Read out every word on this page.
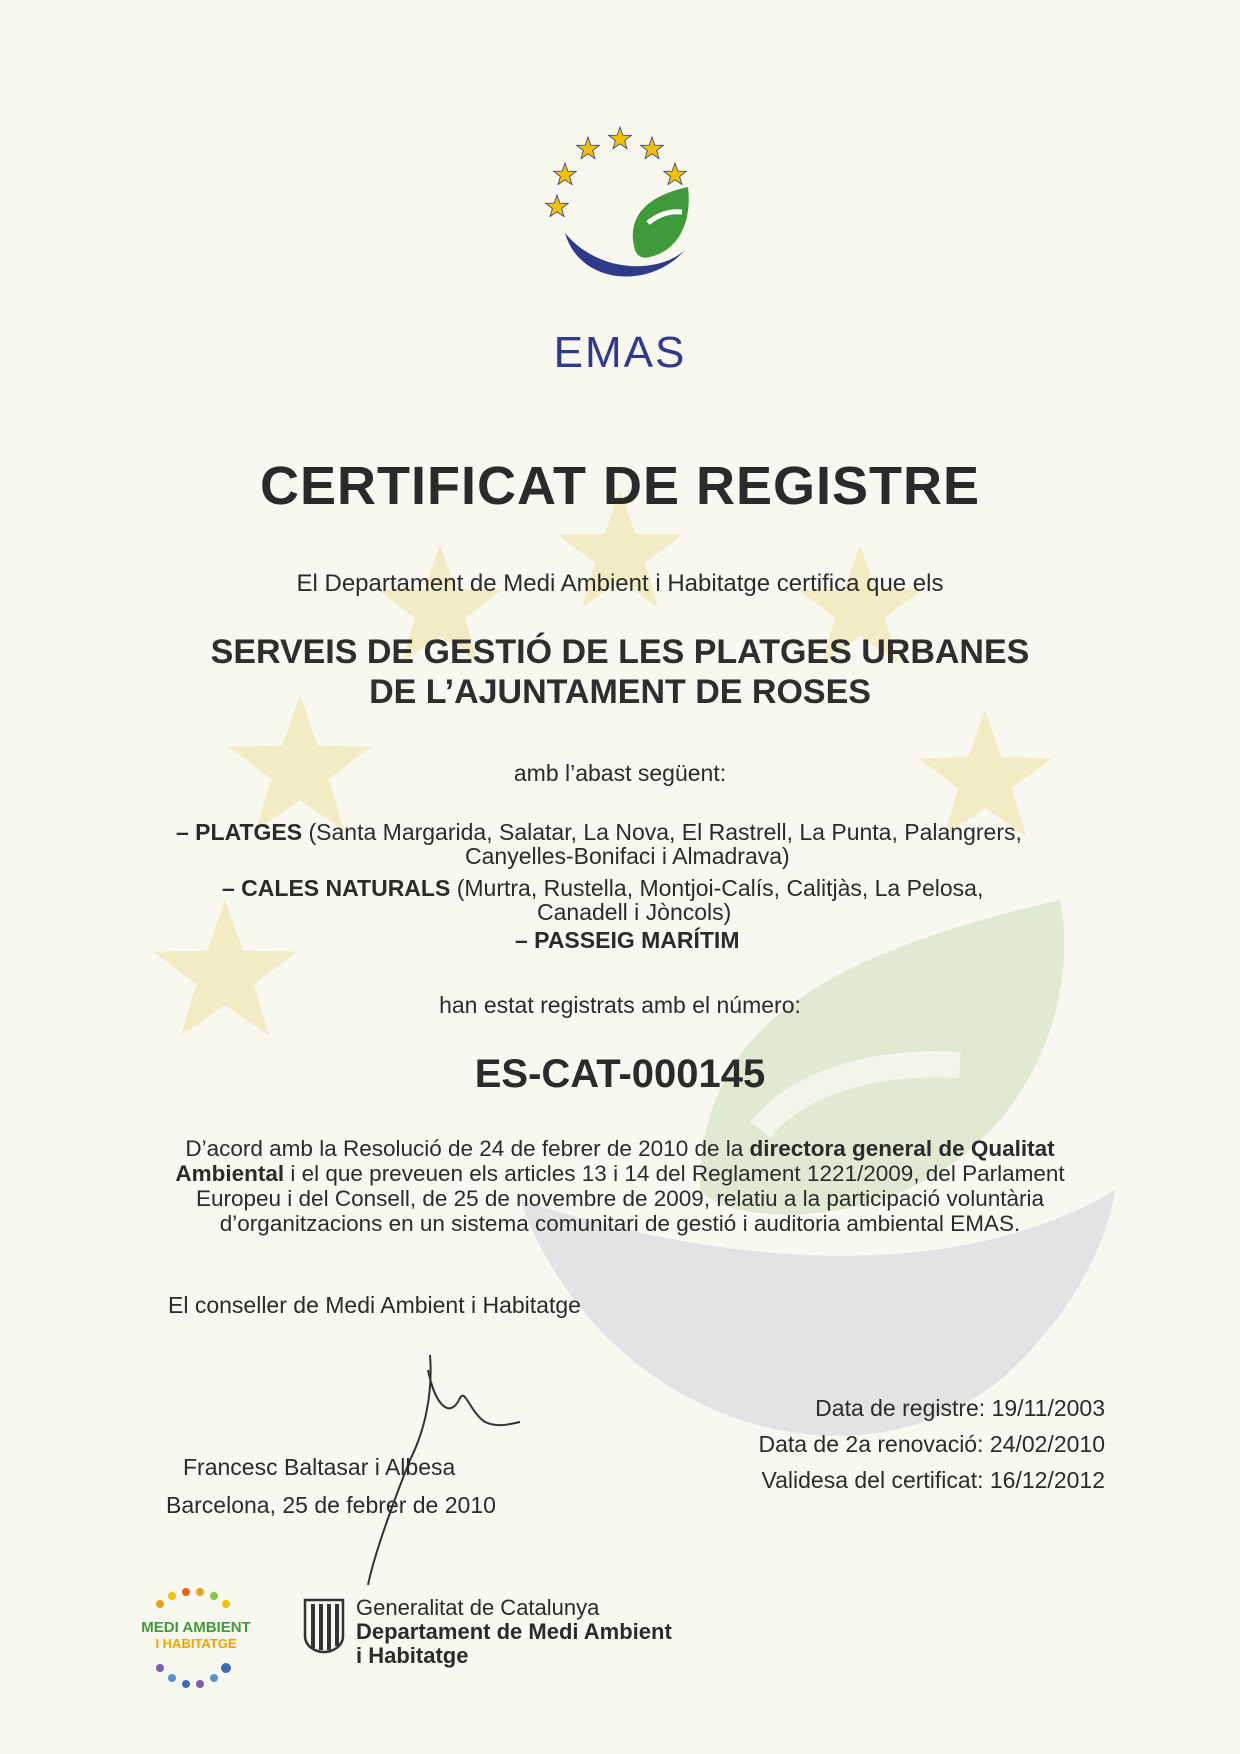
EMAS
CERTIFICAT DE REGISTRE
El Departament de Medi Ambient i Habitatge certifica que els
SERVEIS DE GESTIÓ DE LES PLATGES URBANES
DE L’AJUNTAMENT DE ROSES
amb l’abast següent:
– PLATGES (Santa Margarida, Salatar, La Nova, El Rastrell, La Punta, Palangrers,
Canyelles-Bonifaci i Almadrava)
– CALES NATURALS (Murtra, Rustella, Montjoi-Calís, Calitjàs, La Pelosa,
Canadell i Jòncols)
– PASSEIG MARÍTIM
han estat registrats amb el número:
ES-CAT-000145
D’acord amb la Resolució de 24 de febrer de 2010 de la directora general de Qualitat Ambiental i el que preveuen els articles 13 i 14 del Reglament 1221/2009, del Parlament Europeu i del Consell, de 25 de novembre de 2009, relatiu a la participació voluntària d’organitzacions en un sistema comunitari de gestió i auditoria ambiental EMAS.
El conseller de Medi Ambient i Habitatge
Francesc Baltasar i Albesa
Barcelona, 25 de febrer de 2010
Data de registre: 19/11/2003
Data de 2a renovació: 24/02/2010
Validesa del certificat: 16/12/2012
MEDI AMBIENT
I HABITATGE
Generalitat de Catalunya
Departament de Medi Ambient
i Habitatge
